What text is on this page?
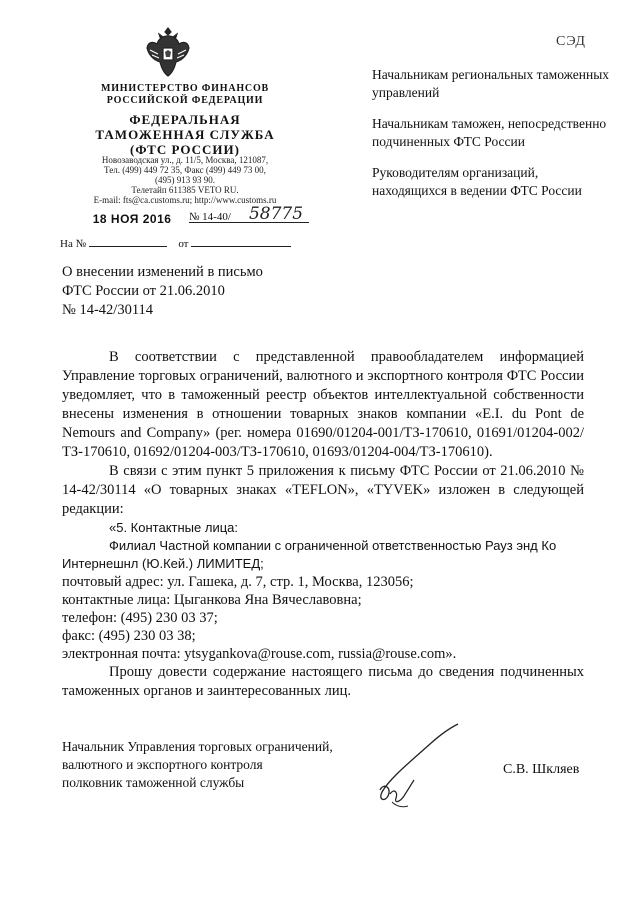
СЭД
МИНИСТЕРСТВО ФИНАНСОВ
РОССИЙСКОЙ ФЕДЕРАЦИИ
ФЕДЕРАЛЬНАЯ
ТАМОЖЕННАЯ СЛУЖБА
(ФТС РОССИИ)
Новозаводская ул., д. 11/5, Москва, 121087,
Тел. (499) 449 72 35, Факс (499) 449 73 00,
(495) 913 93 90.
Телетайп 611385 VETO RU.
E-mail: fts@ca.customs.ru; http://www.customs.ru
18 НОЯ 2016 № 14-40/ 58775
На №	от
Начальникам региональных таможенных управлений
Начальникам таможен, непосредственно подчиненных ФТС России
Руководителям организаций, находящихся в ведении ФТС России
О внесении изменений в письмо
ФТС России от 21.06.2010
№ 14-42/30114

В соответствии с представленной правообладателем информацией Управление торговых ограничений, валютного и экспортного контроля ФТС России уведомляет, что в таможенный реестр объектов интеллектуальной собственности внесены изменения в отношении товарных знаков компании «E.I. du Pont de Nemours and Company» (рег. номера 01690/01204-001/ТЗ-170610, 01691/01204-002/ТЗ-170610, 01692/01204-003/ТЗ-170610, 01693/01204-004/ТЗ-170610).

В связи с этим пункт 5 приложения к письму ФТС России от 21.06.2010 № 14-42/30114 «О товарных знаках «TEFLON», «TYVEK» изложен в следующей редакции:

«5. Контактные лица:
Филиал Частной компании с ограниченной ответственностью Рауз энд Ко Интернешнл (Ю.Кей.) ЛИМИТЕД;
почтовый адрес: ул. Гашека, д. 7, стр. 1, Москва, 123056;
контактные лица: Цыганкова Яна Вячеславовна;
телефон: (495) 230 03 37;
факс: (495) 230 03 38;
электронная почта: ytsygankova@rouse.com, russia@rouse.com».

Прошу довести содержание настоящего письма до сведения подчиненных таможенных органов и заинтересованных лиц.

Начальник Управления торговых ограничений,
валютного и экспортного контроля
полковник таможенной службы
С.В. Шкляев
